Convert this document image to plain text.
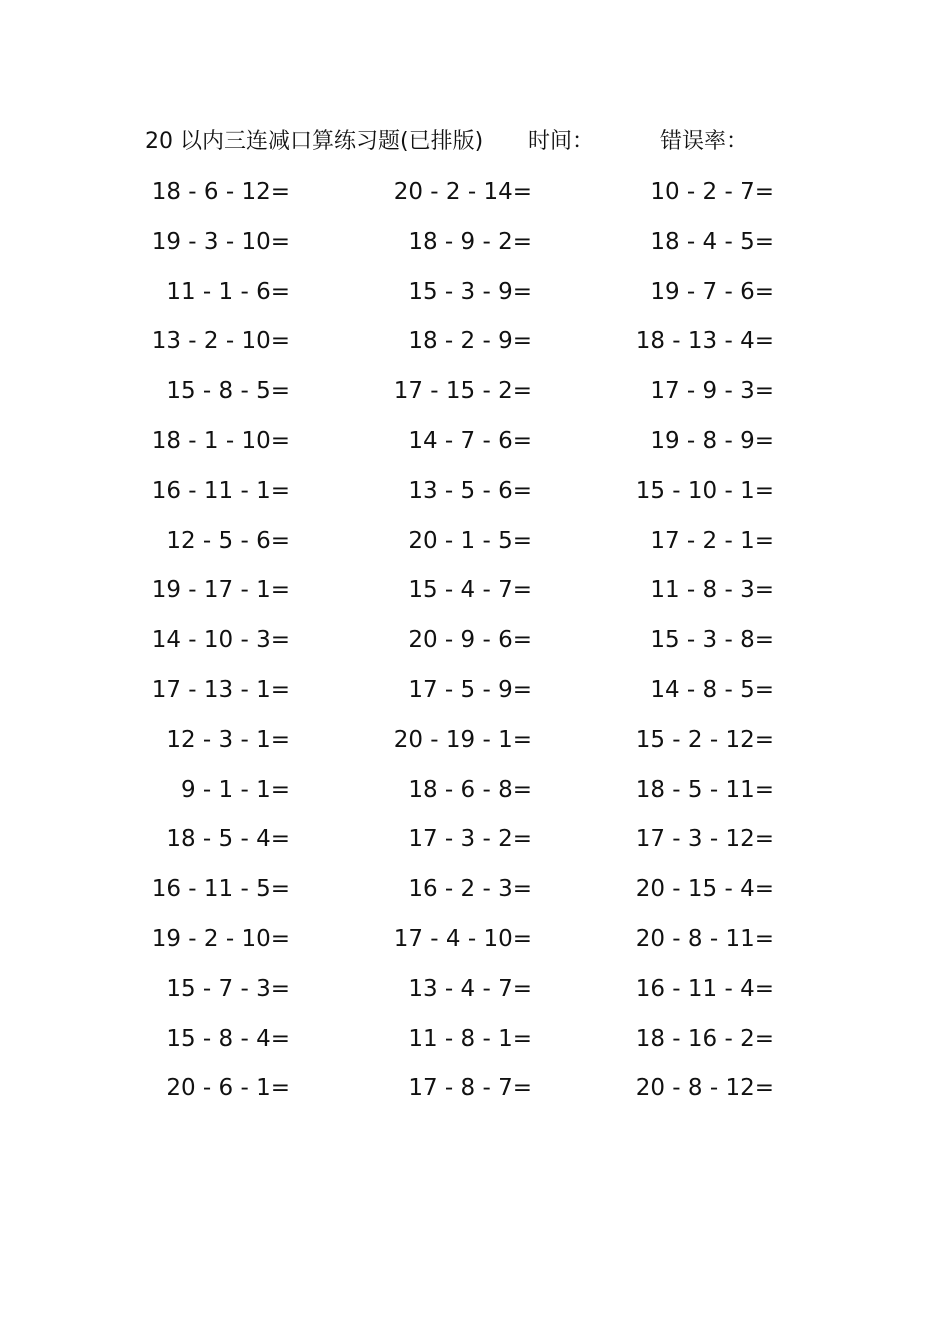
20 以内三连减口算练习题(已排版) 时间：	错误率：
18 - 6 - 12=	20 - 2 - 14=	10 - 2 - 7=
19 - 3 - 10=	18 - 9 - 2=	18 - 4 - 5=
11 - 1 - 6=	15 - 3 - 9=	19 - 7 - 6=
13 - 2 - 10=	18 - 2 - 9=	18 - 13 - 4=
15 - 8 - 5=	17 - 15 - 2=	17 - 9 - 3=
18 - 1 - 10=	14 - 7 - 6=	19 - 8 - 9=
16 - 11 - 1=	13 - 5 - 6=	15 - 10 - 1=
12 - 5 - 6=	20 - 1 - 5=	17 - 2 - 1=
19 - 17 - 1=	15 - 4 - 7=	11 - 8 - 3=
14 - 10 - 3=	20 - 9 - 6=	15 - 3 - 8=
17 - 13 - 1=	17 - 5 - 9=	14 - 8 - 5=
12 - 3 - 1=	20 - 19 - 1=	15 - 2 - 12=
9 - 1 - 1=	18 - 6 - 8=	18 - 5 - 11=
18 - 5 - 4=	17 - 3 - 2=	17 - 3 - 12=
16 - 11 - 5=	16 - 2 - 3=	20 - 15 - 4=
19 - 2 - 10=	17 - 4 - 10=	20 - 8 - 11=
15 - 7 - 3=	13 - 4 - 7=	16 - 11 - 4=
15 - 8 - 4=	11 - 8 - 1=	18 - 16 - 2=
20 - 6 - 1=	17 - 8 - 7=	20 - 8 - 12=
